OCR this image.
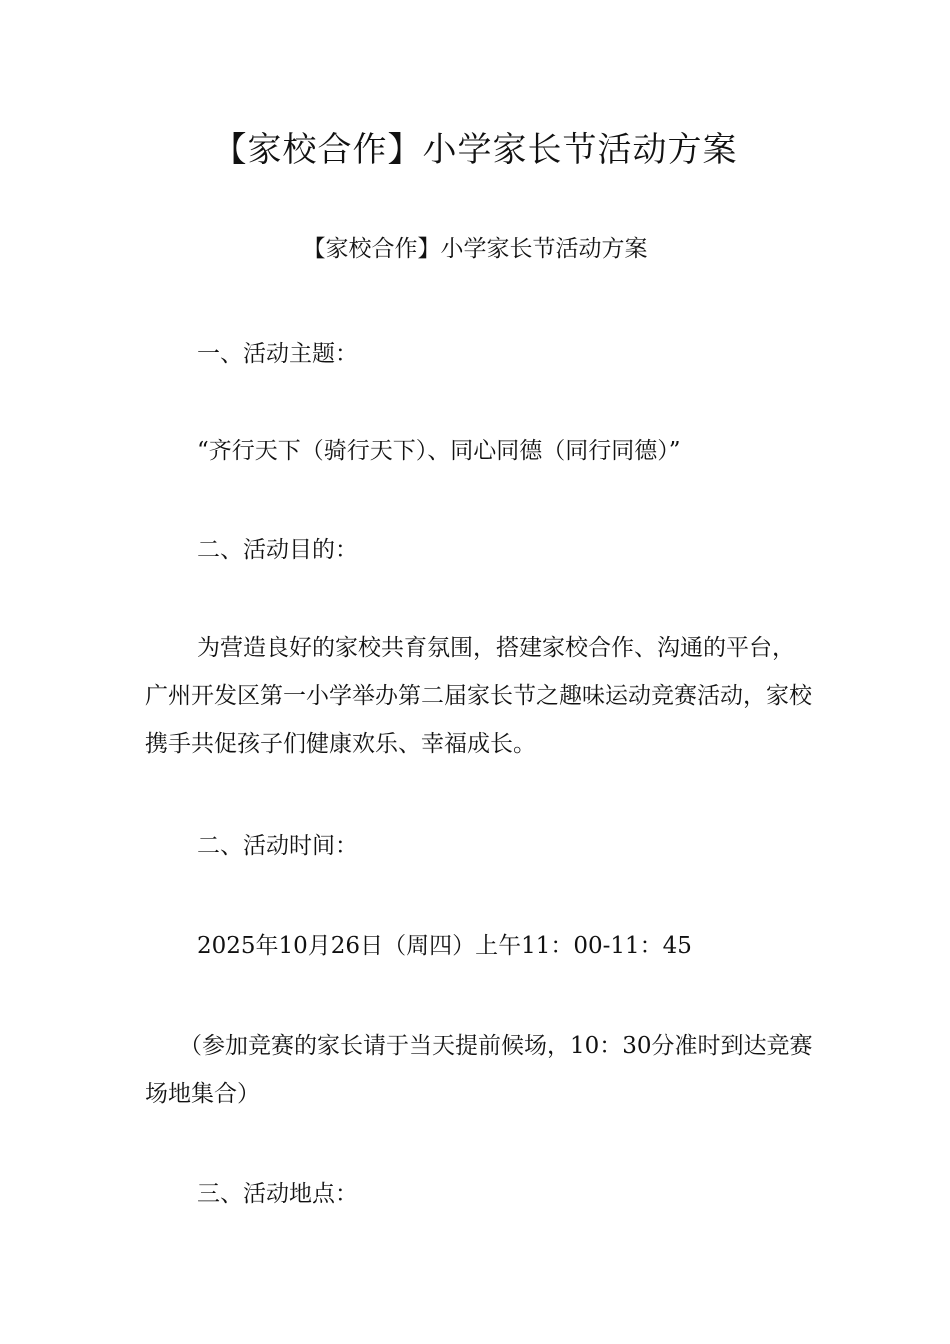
【家校合作】小学家长节活动方案
【家校合作】小学家长节活动方案

一、活动主题：

“齐行天下（骑行天下）、同心同德（同行同德）”

二、活动目的：

为营造良好的家校共育氛围，搭建家校合作、沟通的平台，广州开发区第一小学举办第二届家长节之趣味运动竞赛活动，家校携手共促孩子们健康欢乐、幸福成长。

二、活动时间：

2025年10月26日（周四）上午11：00-11：45

（参加竞赛的家长请于当天提前候场，10：30分准时到达竞赛场地集合）

三、活动地点：
